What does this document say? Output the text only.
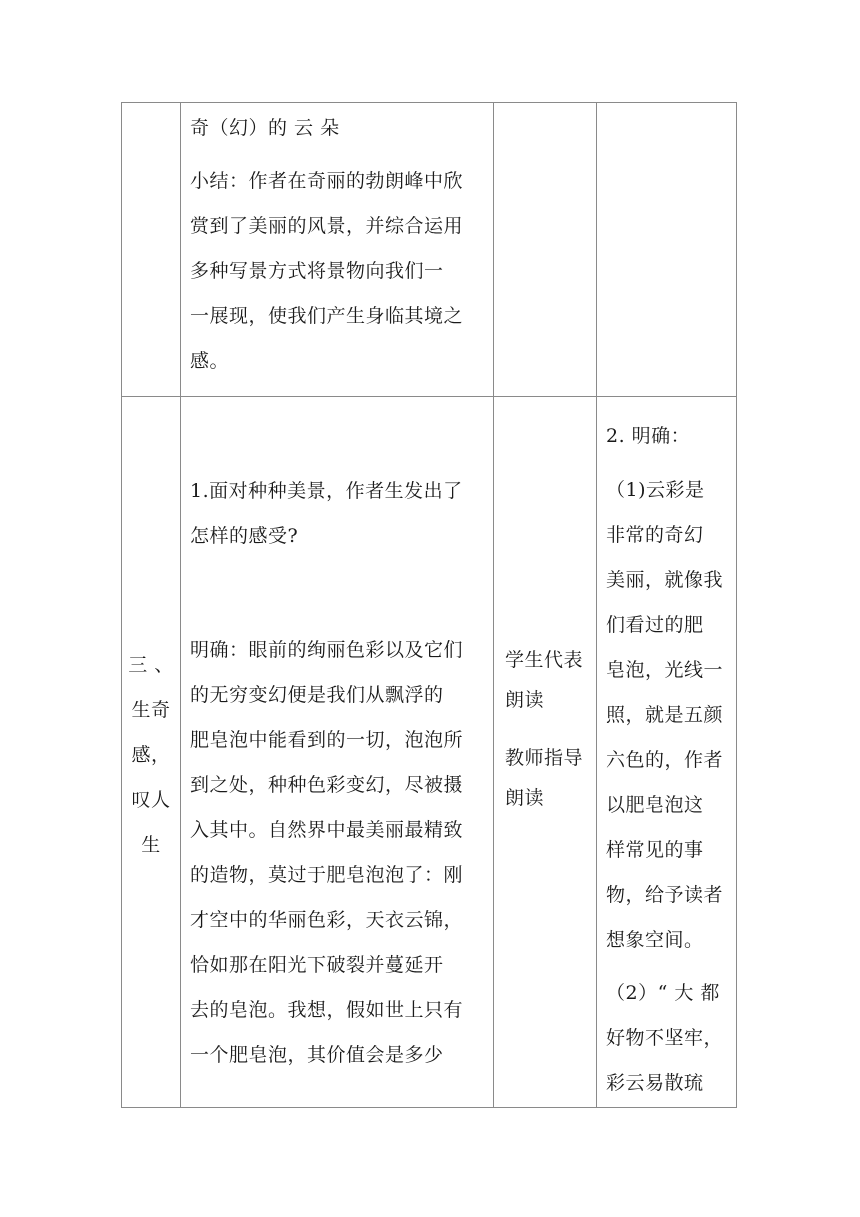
奇（幻）的 云 朵
小结：作者在奇丽的勃朗峰中欣
赏到了美丽的风景，并综合运用
多种写景方式将景物向我们一
一展现，使我们产生身临其境之
感。
三 、
生奇
感，
叹人
生
1.面对种种美景，作者生发出了
怎样的感受?
明确：眼前的绚丽色彩以及它们
的无穷变幻便是我们从飘浮的
肥皂泡中能看到的一切，泡泡所
到之处，种种色彩变幻，尽被摄
入其中。自然界中最美丽最精致
的造物，莫过于肥皂泡泡了：刚
才空中的华丽色彩，天衣云锦，
恰如那在阳光下破裂并蔓延开
去的皂泡。我想，假如世上只有
一个肥皂泡，其价值会是多少
学生代表
朗读
教师指导
朗读
2. 明确：
（1)云彩是
非常的奇幻
美丽，就像我
们看过的肥
皂泡，光线一
照，就是五颜
六色的，作者
以肥皂泡这
样常见的事
物，给予读者
想象空间。
（2）“ 大 都
好物不坚牢，
彩云易散琉
